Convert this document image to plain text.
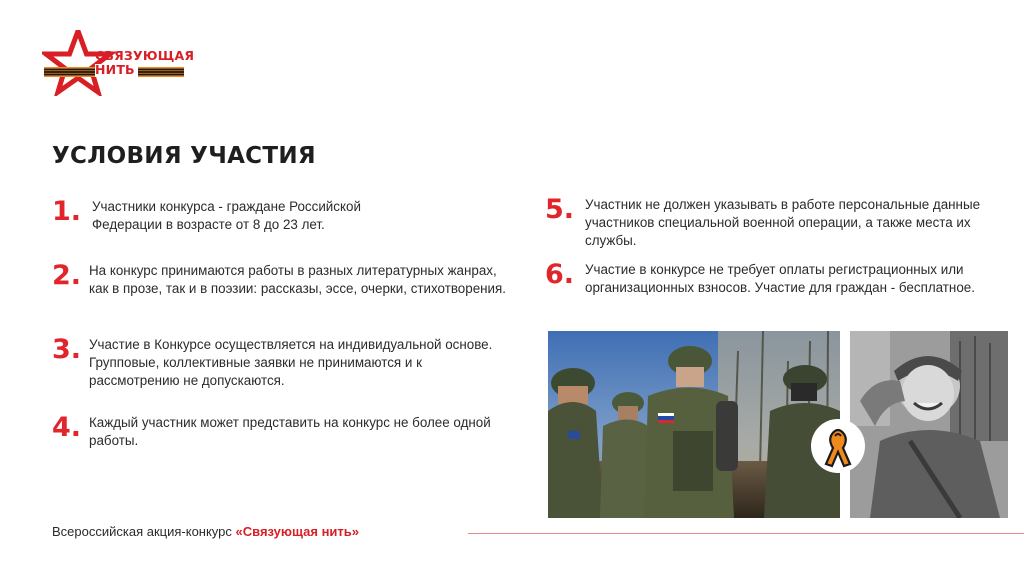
СВЯЗУЮЩАЯ
НИТЬ
УСЛОВИЯ УЧАСТИЯ
1. Участники конкурса - граждане Российской Федерации в возрасте от 8 до 23 лет.
2. На конкурс принимаются работы в разных литературных жанрах, как в прозе, так и в поэзии: рассказы, эссе, очерки, стихотворения.
3. Участие в Конкурсе осуществляется на индивидуальной основе. Групповые, коллективные заявки не принимаются и к рассмотрению не допускаются.
4. Каждый участник может представить на конкурс не более одной работы.
5. Участник не должен указывать в работе персональные данные участников специальной военной операции, а также места их службы.
6. Участие в конкурсе не требует оплаты регистрационных или организационных взносов. Участие для граждан - бесплатное.
Всероссийская акция-конкурс «Связующая нить»
